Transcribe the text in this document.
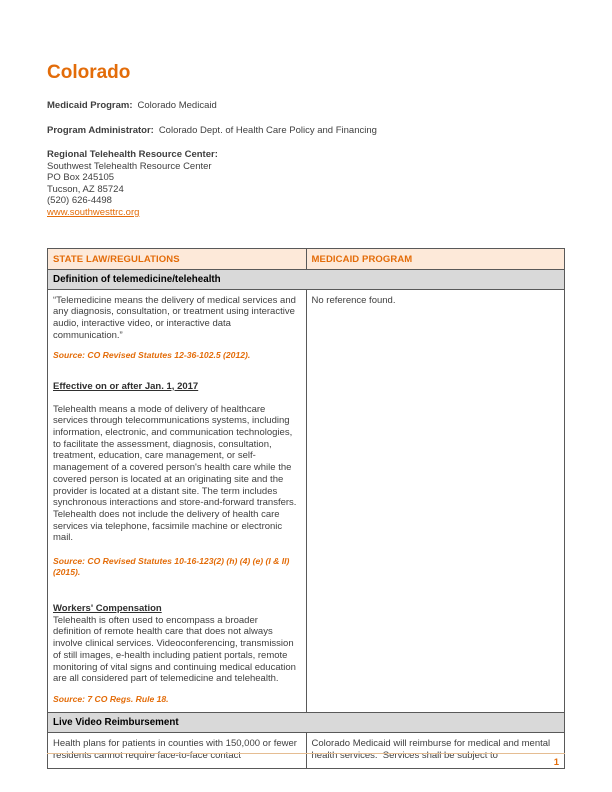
Colorado

Medicaid Program: Colorado Medicaid

Program Administrator: Colorado Dept. of Health Care Policy and Financing

Regional Telehealth Resource Center:
Southwest Telehealth Resource Center
PO Box 245105
Tucson, AZ 85724
(520) 626-4498
www.southwesttrc.org
STATE LAW/REGULATIONS	MEDICAID PROGRAM
Definition of telemedicine/telehealth	

“Telemedicine means the delivery of medical services and any diagnosis, consultation, or treatment using interactive audio, interactive video, or interactive data communication.”

Source: CO Revised Statutes 12-36-102.5 (2012).

Effective on or after Jan. 1, 2017

Telehealth means a mode of delivery of healthcare services through telecommunications systems, including information, electronic, and communication technologies, to facilitate the assessment, diagnosis, consultation, treatment, education, care management, or self-management of a covered person's health care while the covered person is located at an originating site and the provider is located at a distant site. The term includes synchronous interactions and store-and-forward transfers. Telehealth does not include the delivery of health care services via telephone, facsimile machine or electronic mail.

Source: CO Revised Statutes 10-16-123(2) (h) (4) (e) (I & II) (2015).

Workers' Compensation

Telehealth is often used to encompass a broader definition of remote health care that does not always involve clinical services. Videoconferencing, transmission of still images, e-health including patient portals, remote monitoring of vital signs and continuing medical education are all considered part of telemedicine and telehealth.

Source: 7 CO Regs. Rule 18.

	No reference found.
Live Video Reimbursement	
Health plans for patients in counties with 150,000 or fewer residents cannot require face-to-face contact	Colorado Medicaid will reimburse for medical and mental health services.  Services shall be subject to
1
